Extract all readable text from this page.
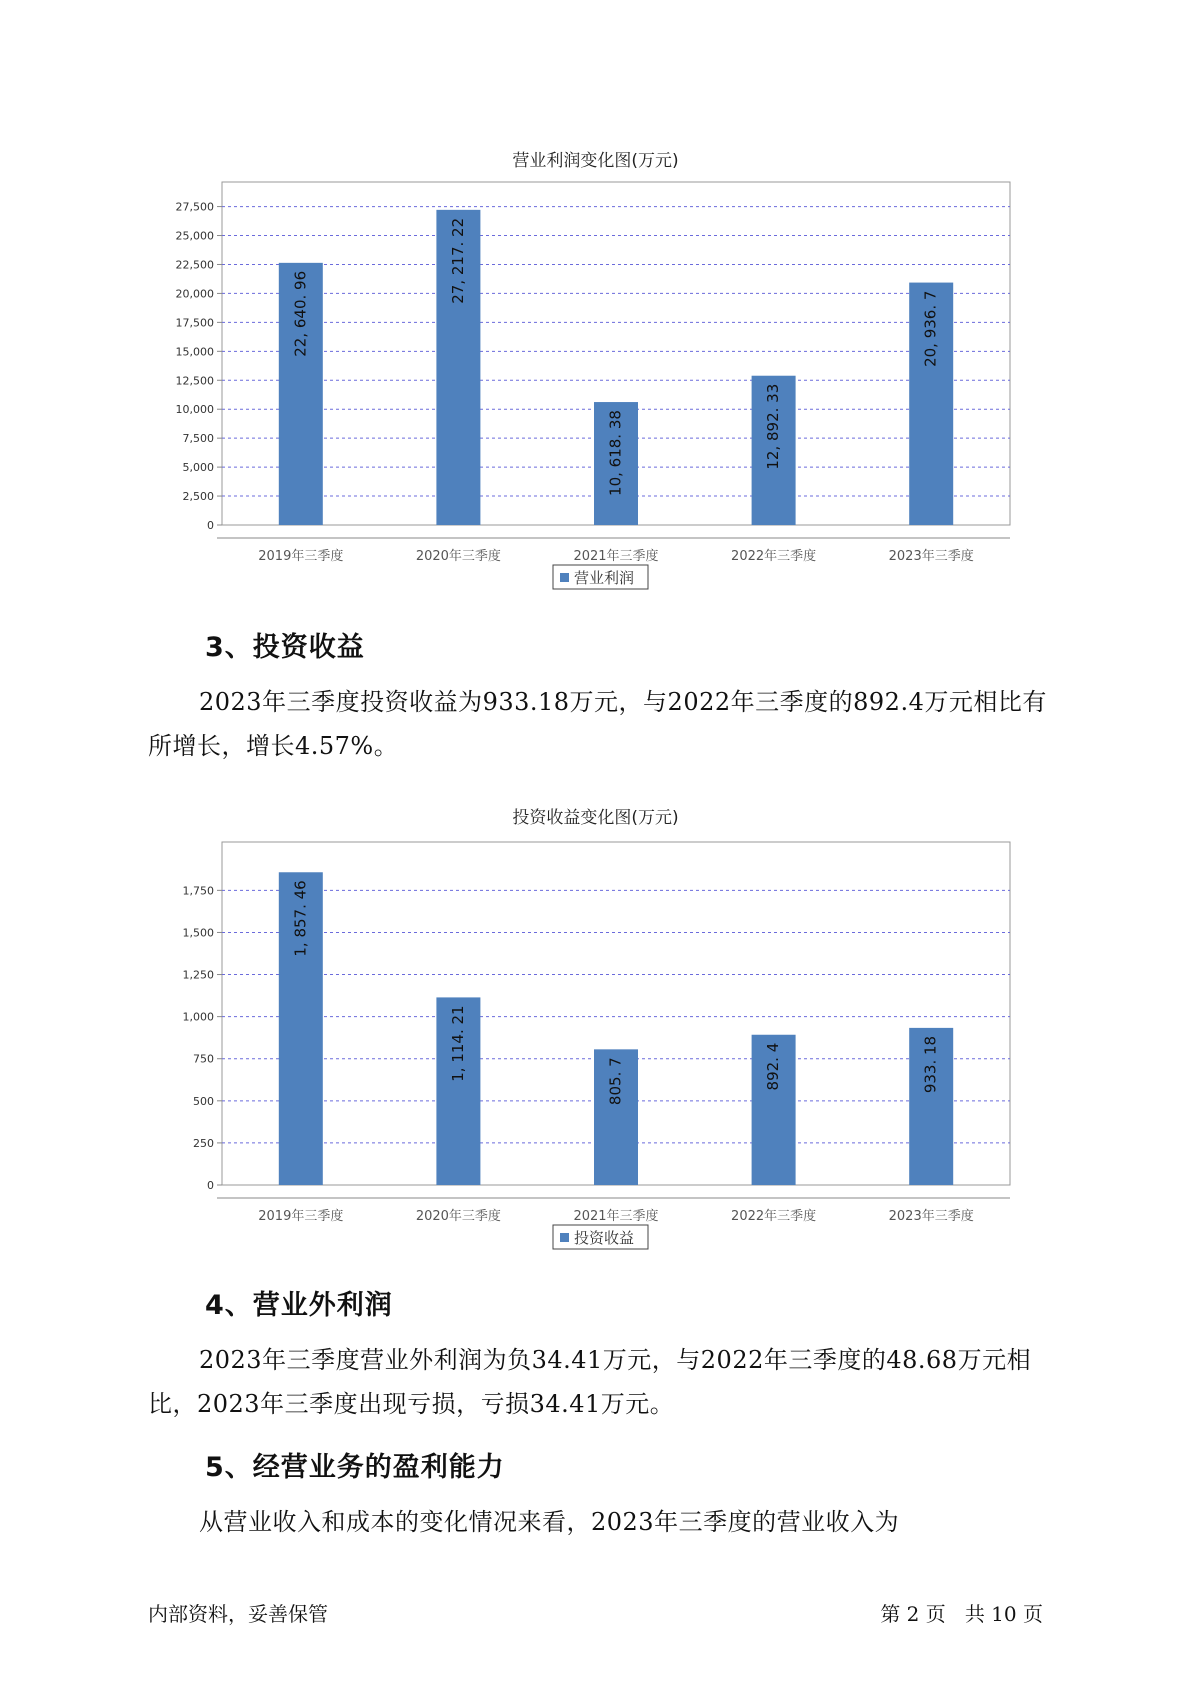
营业利润变化图(万元)
0
2,500
5,000
7,500
10,000
12,500
15,000
17,500
20,000
22,500
25,000
27,500
22, 640. 96
2019年三季度
27, 217. 22
2020年三季度
10, 618. 38
2021年三季度
12, 892. 33
2022年三季度
20, 936. 7
2023年三季度
营业利润
3、投资收益

2023年三季度投资收益为933.18万元，与2022年三季度的892.4万元相比有所增长，增长4.57%。

投资收益变化图(万元)
0
250
500
750
1,000
1,250
1,500
1,750	1, 857. 46
2019年三季度
1, 114. 21
2020年三季度
805. 7
2021年三季度
892. 4
2022年三季度
933. 18
2023年三季度
投资收益
4、营业外利润

2023年三季度营业外利润为负34.41万元，与2022年三季度的48.68万元相比，2023年三季度出现亏损，亏损34.41万元。

5、经营业务的盈利能力

从营业收入和成本的变化情况来看，2023年三季度的营业收入为

内部资料，妥善保管	第 2 页   共 10 页
